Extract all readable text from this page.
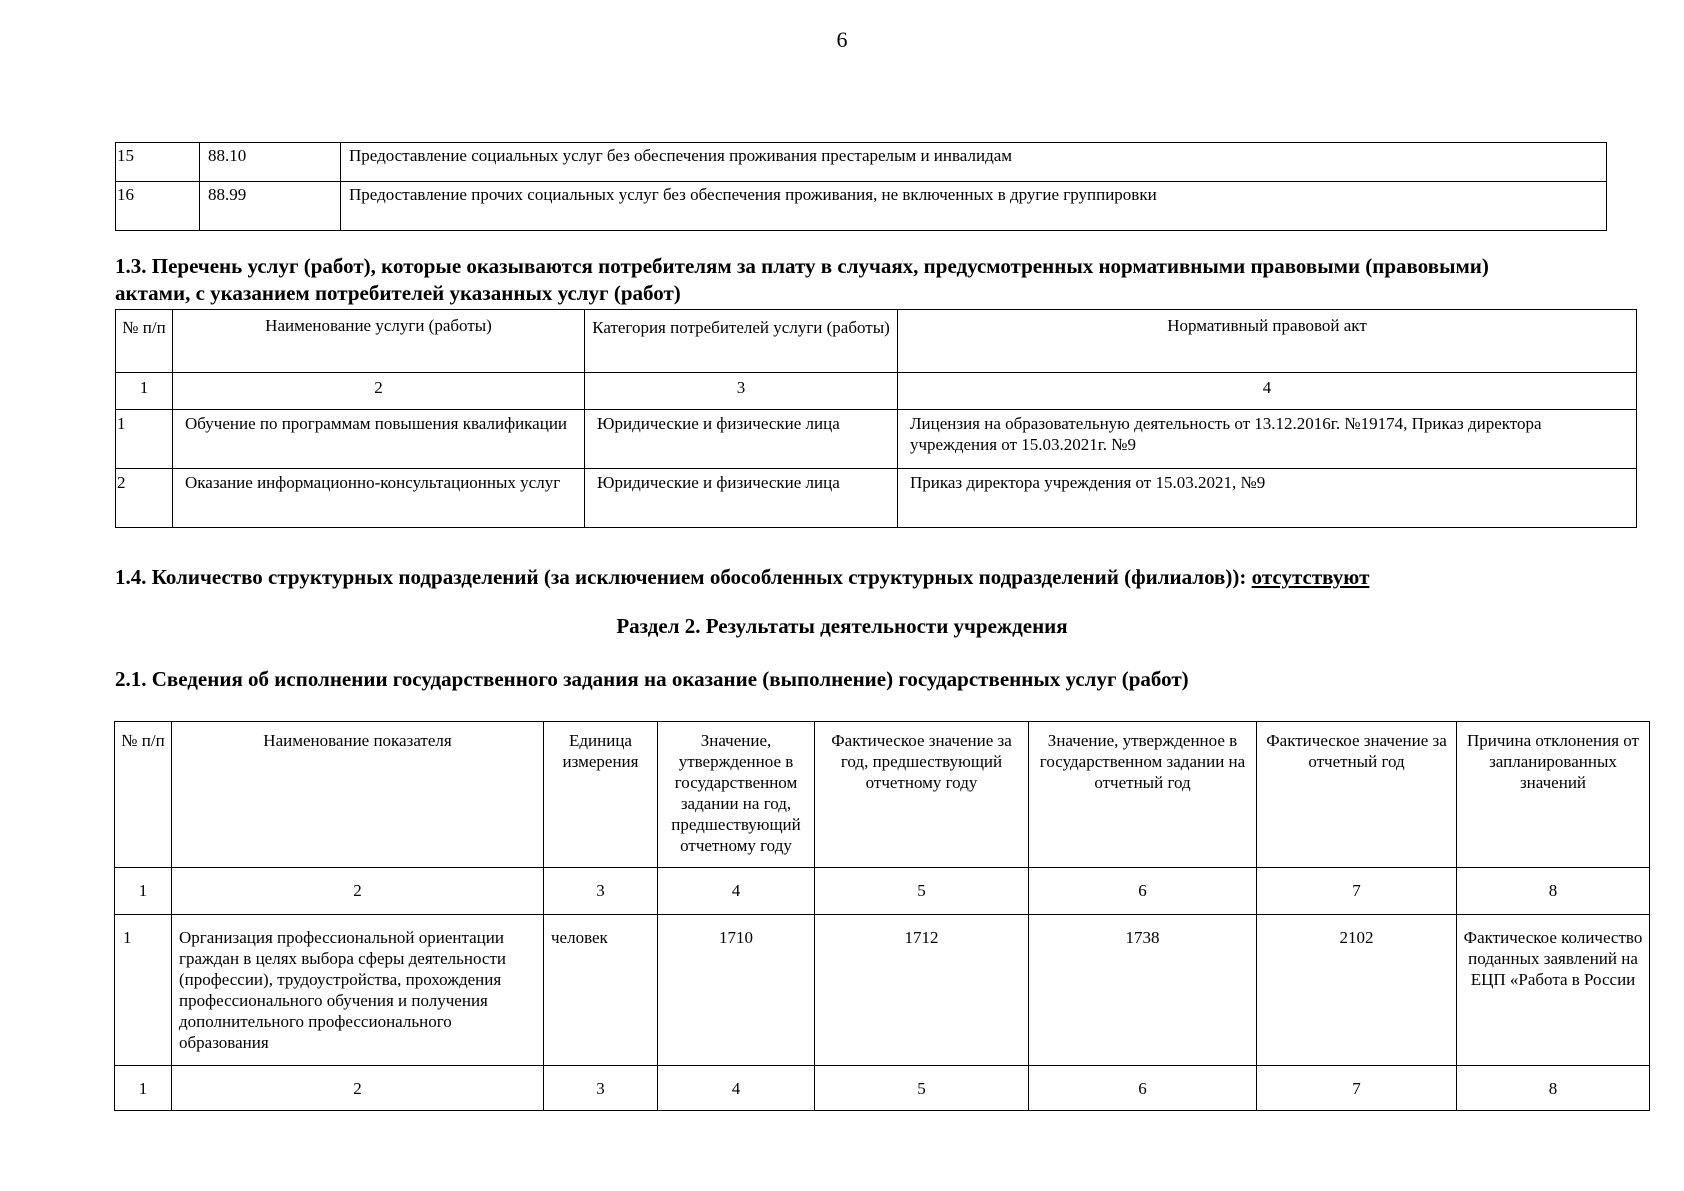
6
15	88.10	Предоставление социальных услуг без обеспечения проживания престарелым и инвалидам
16	88.99	Предоставление прочих социальных услуг без обеспечения проживания, не включенных в другие группировки
1.3. Перечень услуг (работ), которые оказываются потребителям за плату в случаях, предусмотренных нормативными правовыми (правовыми)
актами, с указанием потребителей указанных услуг (работ)
№ п/п	Наименование услуги (работы)	Категория потребителей услуги (работы)	Нормативный правовой акт
1	2	3	4
1	Обучение по программам повышения квалификации	Юридические и физические лица	Лицензия на образовательную деятельность от 13.12.2016г. №19174, Приказ директора учреждения от 15.03.2021г. №9
2	Оказание информационно-консультационных услуг	Юридические и физические лица	Приказ директора учреждения от 15.03.2021, №9
1.4. Количество структурных подразделений (за исключением обособленных структурных подразделений (филиалов)): отсутствуют
Раздел 2. Результаты деятельности учреждения
2.1. Сведения об исполнении государственного задания на оказание (выполнение) государственных услуг (работ)
№ п/п	Наименование показателя	Единица измерения	Значение, утвержденное в государственном задании на год, предшествующий отчетному году	Фактическое значение за год, предшествующий отчетному году	Значение, утвержденное в государственном задании на отчетный год	Фактическое значение за отчетный год	Причина отклонения от запланированных значений
1	2	3	4	5	6	7	8
1	Организация профессиональной ориентации граждан в целях выбора сферы деятельности (профессии), трудоустройства, прохождения профессионального обучения и получения дополнительного профессионального образования	человек	1710	1712	1738	2102	Фактическое количество поданных заявлений на ЕЦП «Работа в России
1	2	3	4	5	6	7	8
